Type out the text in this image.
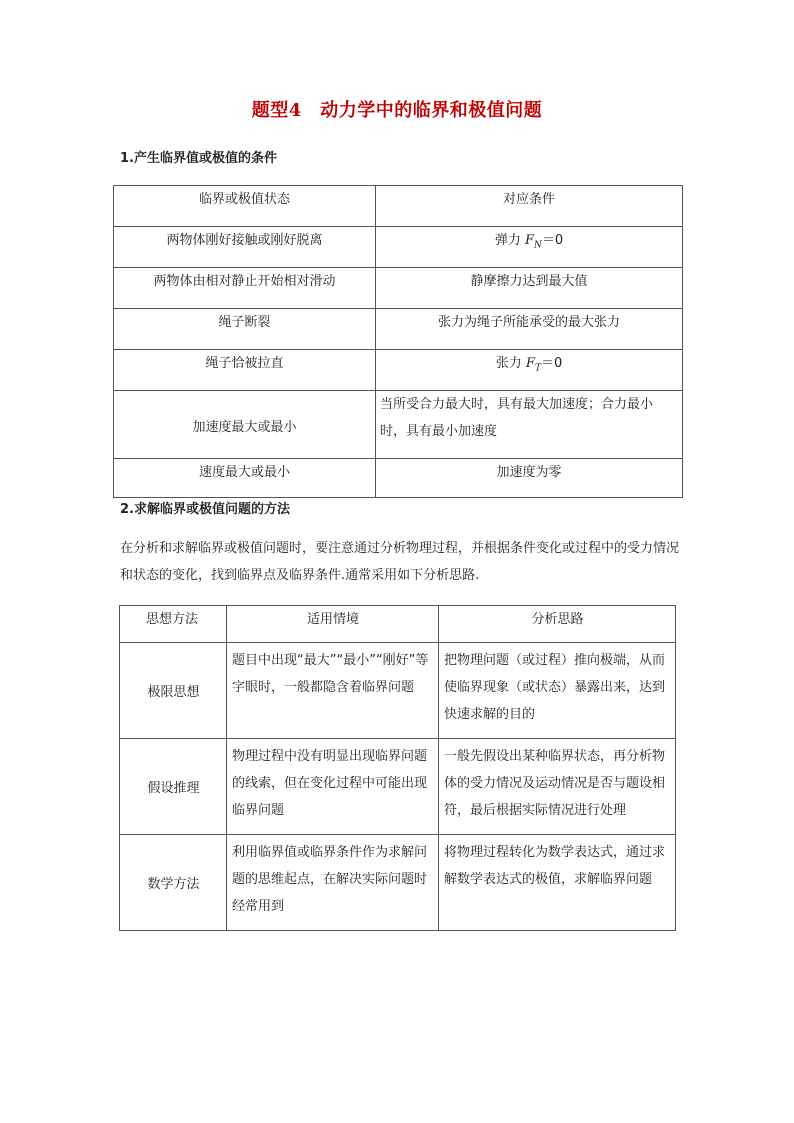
题型4　动力学中的临界和极值问题
1.产生临界值或极值的条件
临界或极值状态	对应条件
两物体刚好接触或刚好脱离	弹力 $F_N=0$
两物体由相对静止开始相对滑动	静摩擦力达到最大值
绳子断裂	张力为绳子所能承受的最大张力
绳子恰被拉直	张力 $F_T=0$
加速度最大或最小	当所受合力最大时，具有最大加速度；合力最小时，具有最小加速度
速度最大或最小	加速度为零
2.求解临界或极值问题的方法
在分析和求解临界或极值问题时，要注意通过分析物理过程，并根据条件变化或过程中的受力情况和状态的变化，找到临界点及临界条件.通常采用如下分析思路.
思想方法	适用情境	分析思路
极限思想	题目中出现“最大”“最小”“刚好”等字眼时，一般都隐含着临界问题	把物理问题（或过程）推向极端，从而使临界现象（或状态）暴露出来，达到快速求解的目的
假设推理	物理过程中没有明显出现临界问题的线索，但在变化过程中可能出现临界问题	一般先假设出某种临界状态，再分析物体的受力情况及运动情况是否与题设相符，最后根据实际情况进行处理
数学方法	利用临界值或临界条件作为求解问题的思维起点，在解决实际问题时经常用到	将物理过程转化为数学表达式，通过求解数学表达式的极值，求解临界问题
